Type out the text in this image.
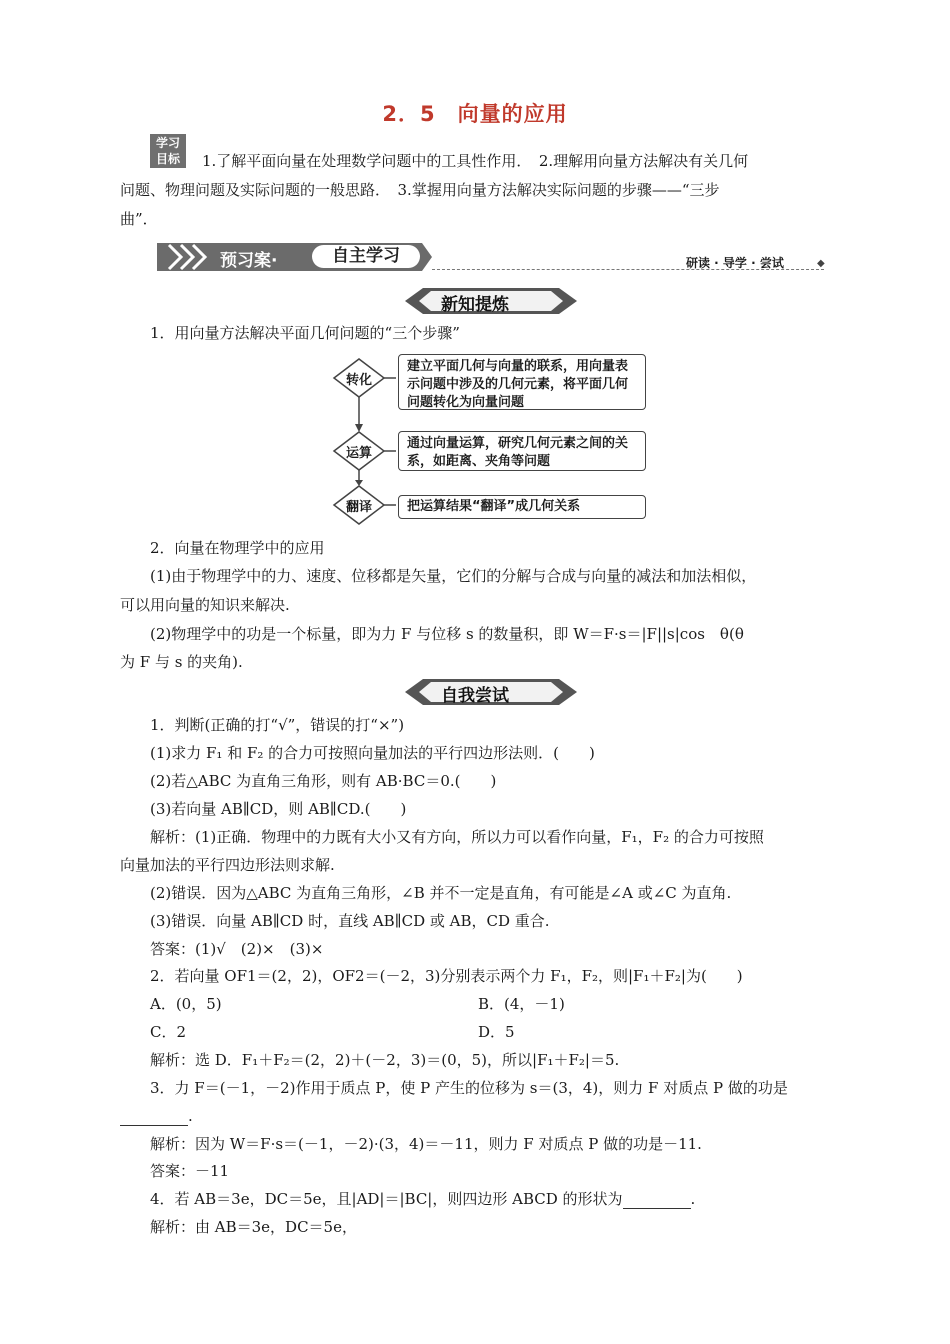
2．5　向量的应用
学习
目标	1.了解平面向量在处理数学问题中的工具性作用．　2.理解用向量方法解决有关几何
问题、物理问题及实际问题的一般思路．　3.掌握用向量方法解决实际问题的步骤——“三步
曲”．
预习案·	自主学习	研读 · 导学 · 尝试	◆
新知提炼
1．用向量方法解决平面几何问题的“三个步骤”
转化
运算
翻译
建立平面几何与向量的联系，用向量表
示问题中涉及的几何元素，将平面几何
问题转化为向量问题
通过向量运算，研究几何元素之间的关
系，如距离、夹角等问题
把运算结果“翻译”成几何关系
2．向量在物理学中的应用
(1)由于物理学中的力、速度、位移都是矢量，它们的分解与合成与向量的减法和加法相似，
可以用向量的知识来解决.
(2)物理学中的功是一个标量，即为力 F 与位移 s 的数量积，即 W＝F·s＝|F||s|cos　θ(θ
为 F 与 s 的夹角).
自我尝试
1．判断(正确的打“√”，错误的打“×”)
(1)求力 F₁ 和 F₂ 的合力可按照向量加法的平行四边形法则．(　　)
(2)若△ABC 为直角三角形，则有 AB·BC＝0.(　　)
(3)若向量 AB∥CD，则 AB∥CD.(　　)
解析：(1)正确．物理中的力既有大小又有方向，所以力可以看作向量，F₁，F₂ 的合力可按照
向量加法的平行四边形法则求解.
(2)错误．因为△ABC 为直角三角形，∠B 并不一定是直角，有可能是∠A 或∠C 为直角.
(3)错误．向量 AB∥CD 时，直线 AB∥CD 或 AB，CD 重合.
答案：(1)√　(2)×　(3)×
2．若向量 OF1＝(2，2)，OF2＝(－2，3)分别表示两个力 F₁，F₂，则|F₁＋F₂|为(　　)
A．(0，5)	B．(4，－1)
C．2	D．5
解析：选 D．F₁＋F₂＝(2，2)＋(－2，3)＝(0，5)，所以|F₁＋F₂|＝5.
3．力 F＝(－1，－2)作用于质点 P，使 P 产生的位移为 s＝(3，4)，则力 F 对质点 P 做的功是
.
解析：因为 W＝F·s＝(－1，－2)·(3，4)＝－11，则力 F 对质点 P 做的功是－11.
答案：－11
4．若 AB＝3e，DC＝5e，且|AD|＝|BC|，则四边形 ABCD 的形状为	.
解析：由 AB＝3e，DC＝5e，
